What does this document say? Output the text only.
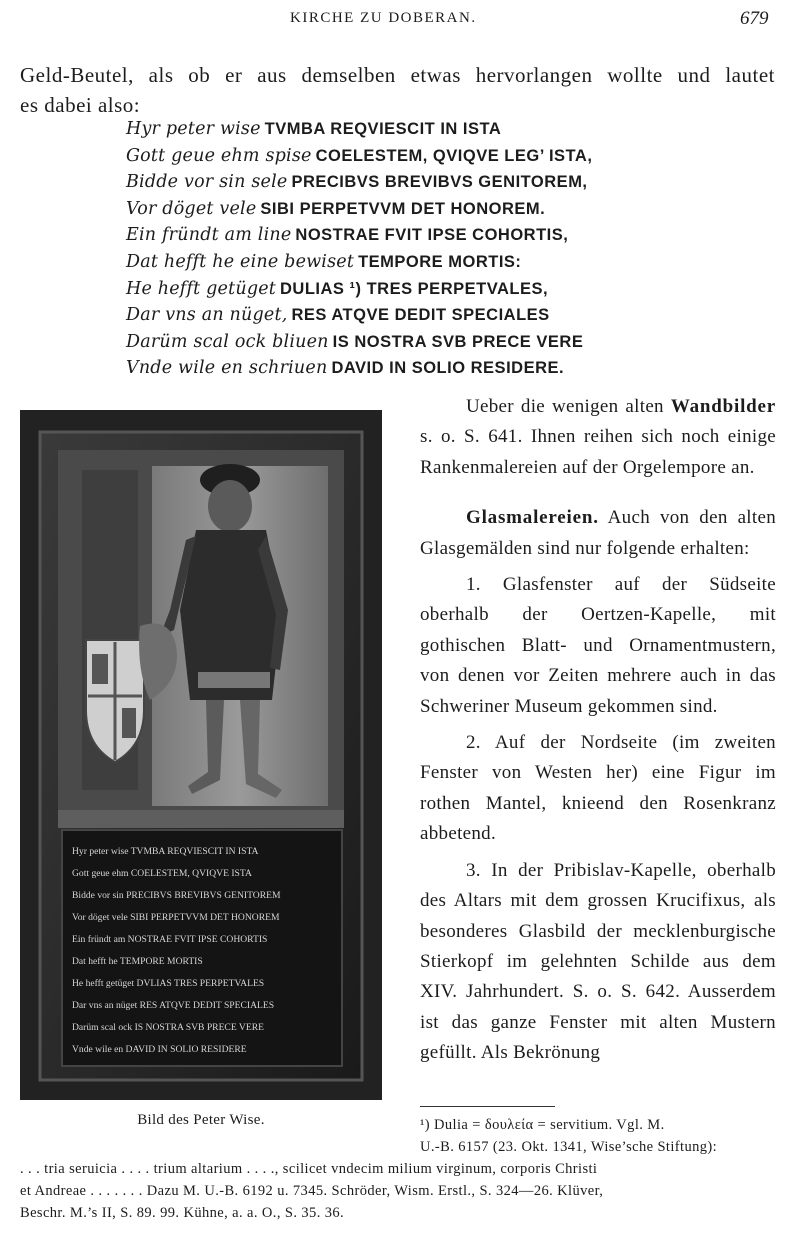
KIRCHE ZU DOBERAN.	679
Geld-Beutel, als ob er aus demselben etwas hervorlangen wollte und lautet
es dabei also:
Hyr peter wise TVMBA REQVIESCIT IN ISTA
Gott geue ehm spise COELESTEM, QVIQVE LEG’ ISTA,
Bidde vor sin sele PRECIBVS BREVIBVS GENITOREM,
Vor döget vele SIBI PERPETVVM DET HONOREM.
Ein fründt am line NOSTRAE FVIT IPSE COHORTIS,
Dat hefft he eine bewiset TEMPORE MORTIS:
He hefft getüget DULIAS ¹) TRES PERPETVALES,
Dar vns an nüget, RES ATQVE DEDIT SPECIALES
Darüm scal ock bliuen IS NOSTRA SVB PRECE VERE
Vnde wile en schriuen DAVID IN SOLIO RESIDERE.
Hyr peter wise TVMBA REQVIESCIT IN ISTA
Gott geue ehm COELESTEM, QVIQVE ISTA
Bidde vor sin PRECIBVS BREVIBVS GENITOREM
Vor döget vele SIBI PERPETVVM DET HONOREM
Ein fründt am NOSTRAE FVIT IPSE COHORTIS
Dat hefft he TEMPORE MORTIS
He hefft getüget DVLIAS TRES PERPETVALES
Dar vns an nüget RES ATQVE DEDIT SPECIALES
Darüm scal ock IS NOSTRA SVB PRECE VERE
Vnde wile en DAVID IN SOLIO RESIDERE

Ueber die wenigen alten Wandbilder s. o. S. 641. Ihnen reihen sich noch einige Rankenmalereien auf der Orgelempore an.

Glasmalereien. Auch von den alten Glasgemälden sind nur folgende erhalten:

1. Glasfenster auf der Südseite oberhalb der Oertzen-Kapelle, mit gothischen Blatt- und Ornamentmustern, von denen vor Zeiten mehrere auch in das Schweriner Museum gekommen sind.

2. Auf der Nordseite (im zweiten Fenster von Westen her) eine Figur im rothen Mantel, knieend den Rosenkranz abbetend.

3. In der Pribislav-Kapelle, oberhalb des Altars mit dem grossen Krucifixus, als besonderes Glasbild der mecklenburgische Stierkopf im gelehnten Schilde aus dem XIV. Jahrhundert. S. o. S. 642. Ausserdem ist das ganze Fenster mit alten Mustern gefüllt. Als Bekrönung

Bild des Peter Wise.	¹) Dulia = δουλεία = servitium. Vgl. M.
U.-B. 6157 (23. Okt. 1341, Wise’sche Stiftung):
. . . tria seruicia . . . . trium altarium . . . ., scilicet vndecim milium virginum, corporis Christi
et Andreae . . . . . . . Dazu M. U.-B. 6192 u. 7345. Schröder, Wism. Erstl., S. 324—26. Klüver,
Beschr. M.’s II, S. 89. 99. Kühne, a. a. O., S. 35. 36.
